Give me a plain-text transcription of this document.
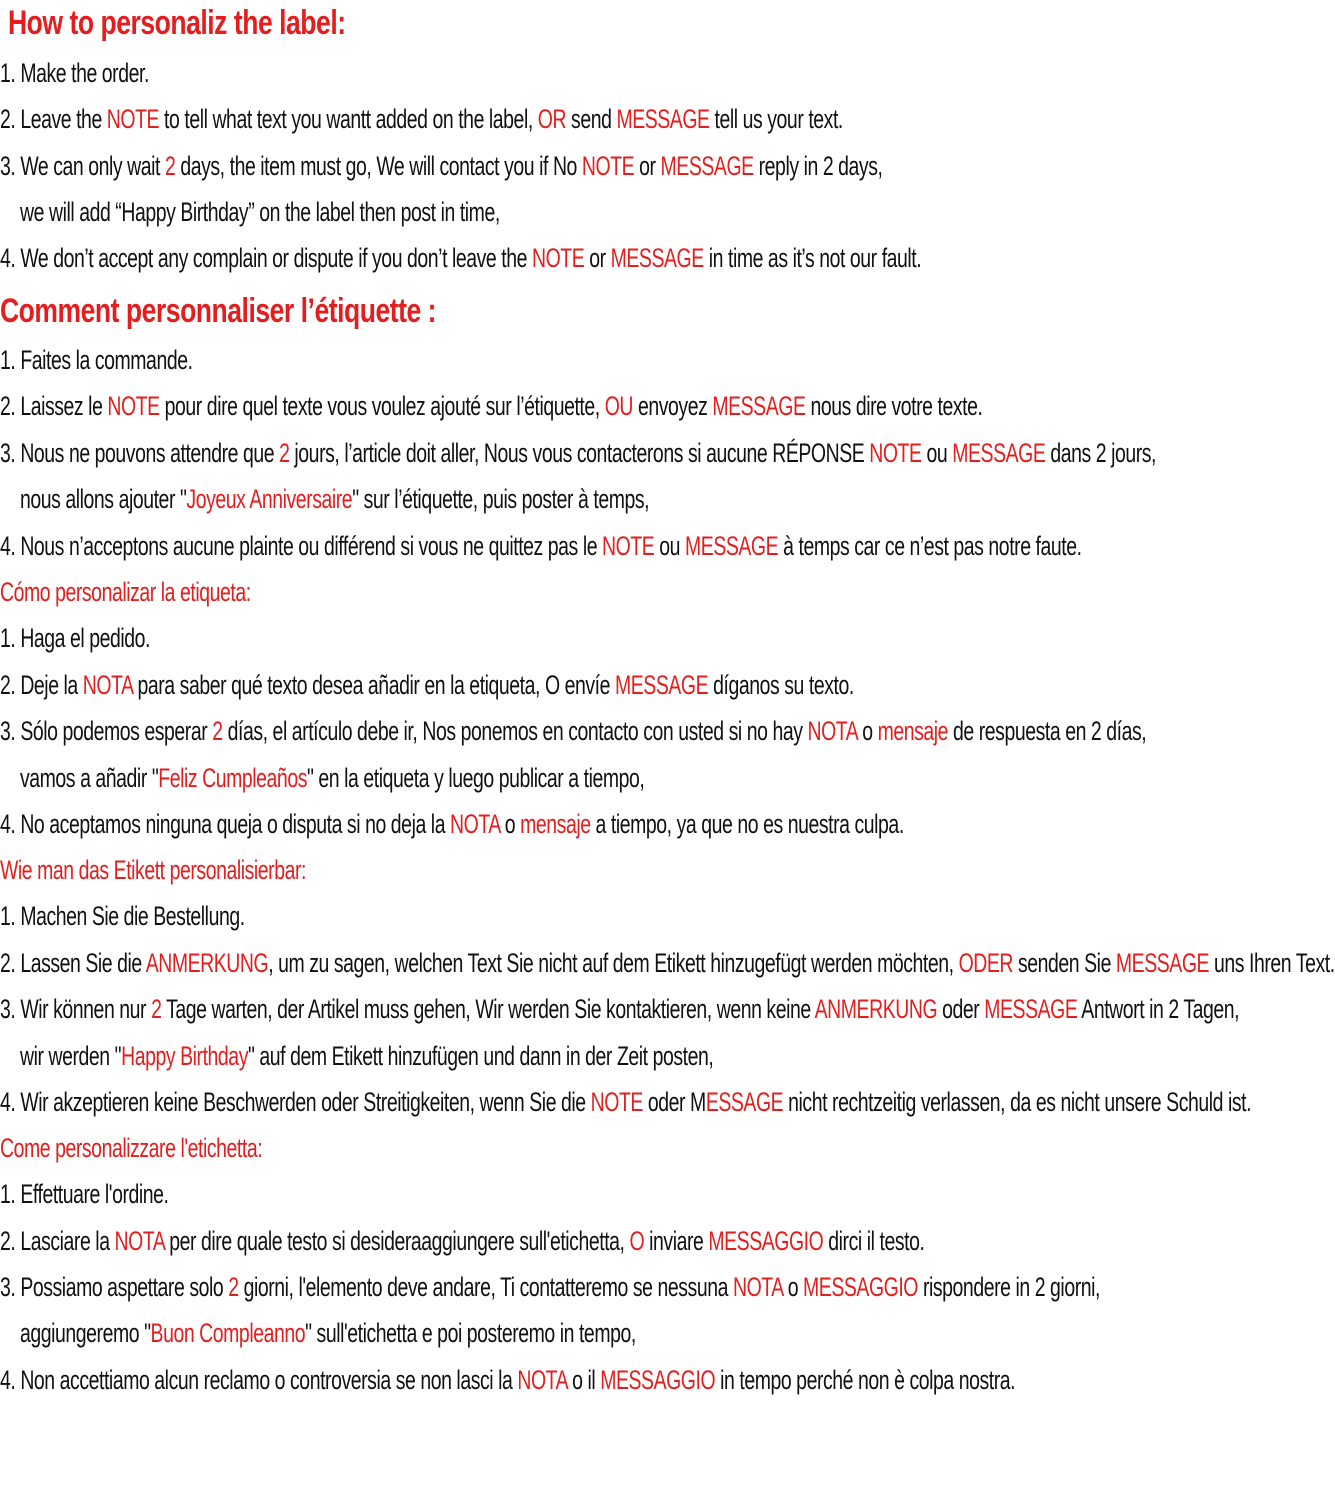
How to personaliz the label:
1. Make the order.
2. Leave the NOTE to tell what text you wantt added on the label, OR send MESSAGE tell us your text.
3. We can only wait 2 days, the item must go, We will contact you if No NOTE or MESSAGE reply in 2 days,
we will add “Happy Birthday” on the label then post in time,
4. We don’t accept any complain or dispute if you don’t leave the NOTE or MESSAGE in time as it’s not our fault.
Comment personnaliser l’étiquette :
1. Faites la commande.
2. Laissez le NOTE pour dire quel texte vous voulez ajouté sur l’étiquette, OU envoyez MESSAGE nous dire votre texte.
3. Nous ne pouvons attendre que 2 jours, l’article doit aller, Nous vous contacterons si aucune RÉPONSE NOTE ou MESSAGE dans 2 jours,
nous allons ajouter "Joyeux Anniversaire" sur l’étiquette, puis poster à temps,
4. Nous n’acceptons aucune plainte ou différend si vous ne quittez pas le NOTE ou MESSAGE à temps car ce n’est pas notre faute.
Cómo personalizar la etiqueta:
1. Haga el pedido.
2. Deje la NOTA para saber qué texto desea añadir en la etiqueta, O envíe MESSAGE díganos su texto.
3. Sólo podemos esperar 2 días, el artículo debe ir, Nos ponemos en contacto con usted si no hay NOTA o mensaje de respuesta en 2 días,
vamos a añadir "Feliz Cumpleaños" en la etiqueta y luego publicar a tiempo,
4. No aceptamos ninguna queja o disputa si no deja la NOTA o mensaje a tiempo, ya que no es nuestra culpa.
Wie man das Etikett personalisierbar:
1. Machen Sie die Bestellung.
2. Lassen Sie die ANMERKUNG, um zu sagen, welchen Text Sie nicht auf dem Etikett hinzugefügt werden möchten, ODER senden Sie MESSAGE uns Ihren Text.
3. Wir können nur 2 Tage warten, der Artikel muss gehen, Wir werden Sie kontaktieren, wenn keine ANMERKUNG oder MESSAGE Antwort in 2 Tagen,
wir werden "Happy Birthday" auf dem Etikett hinzufügen und dann in der Zeit posten,
4. Wir akzeptieren keine Beschwerden oder Streitigkeiten, wenn Sie die NOTE oder MESSAGE nicht rechtzeitig verlassen, da es nicht unsere Schuld ist.
Come personalizzare l'etichetta:
1. Effettuare l'ordine.
2. Lasciare la NOTA per dire quale testo si desideraaggiungere sull'etichetta, O inviare MESSAGGIO dirci il testo.
3. Possiamo aspettare solo 2 giorni, l'elemento deve andare, Ti contatteremo se nessuna NOTA o MESSAGGIO rispondere in 2 giorni,
aggiungeremo "Buon Compleanno" sull'etichetta e poi posteremo in tempo,
4. Non accettiamo alcun reclamo o controversia se non lasci la NOTA o il MESSAGGIO in tempo perché non è colpa nostra.
